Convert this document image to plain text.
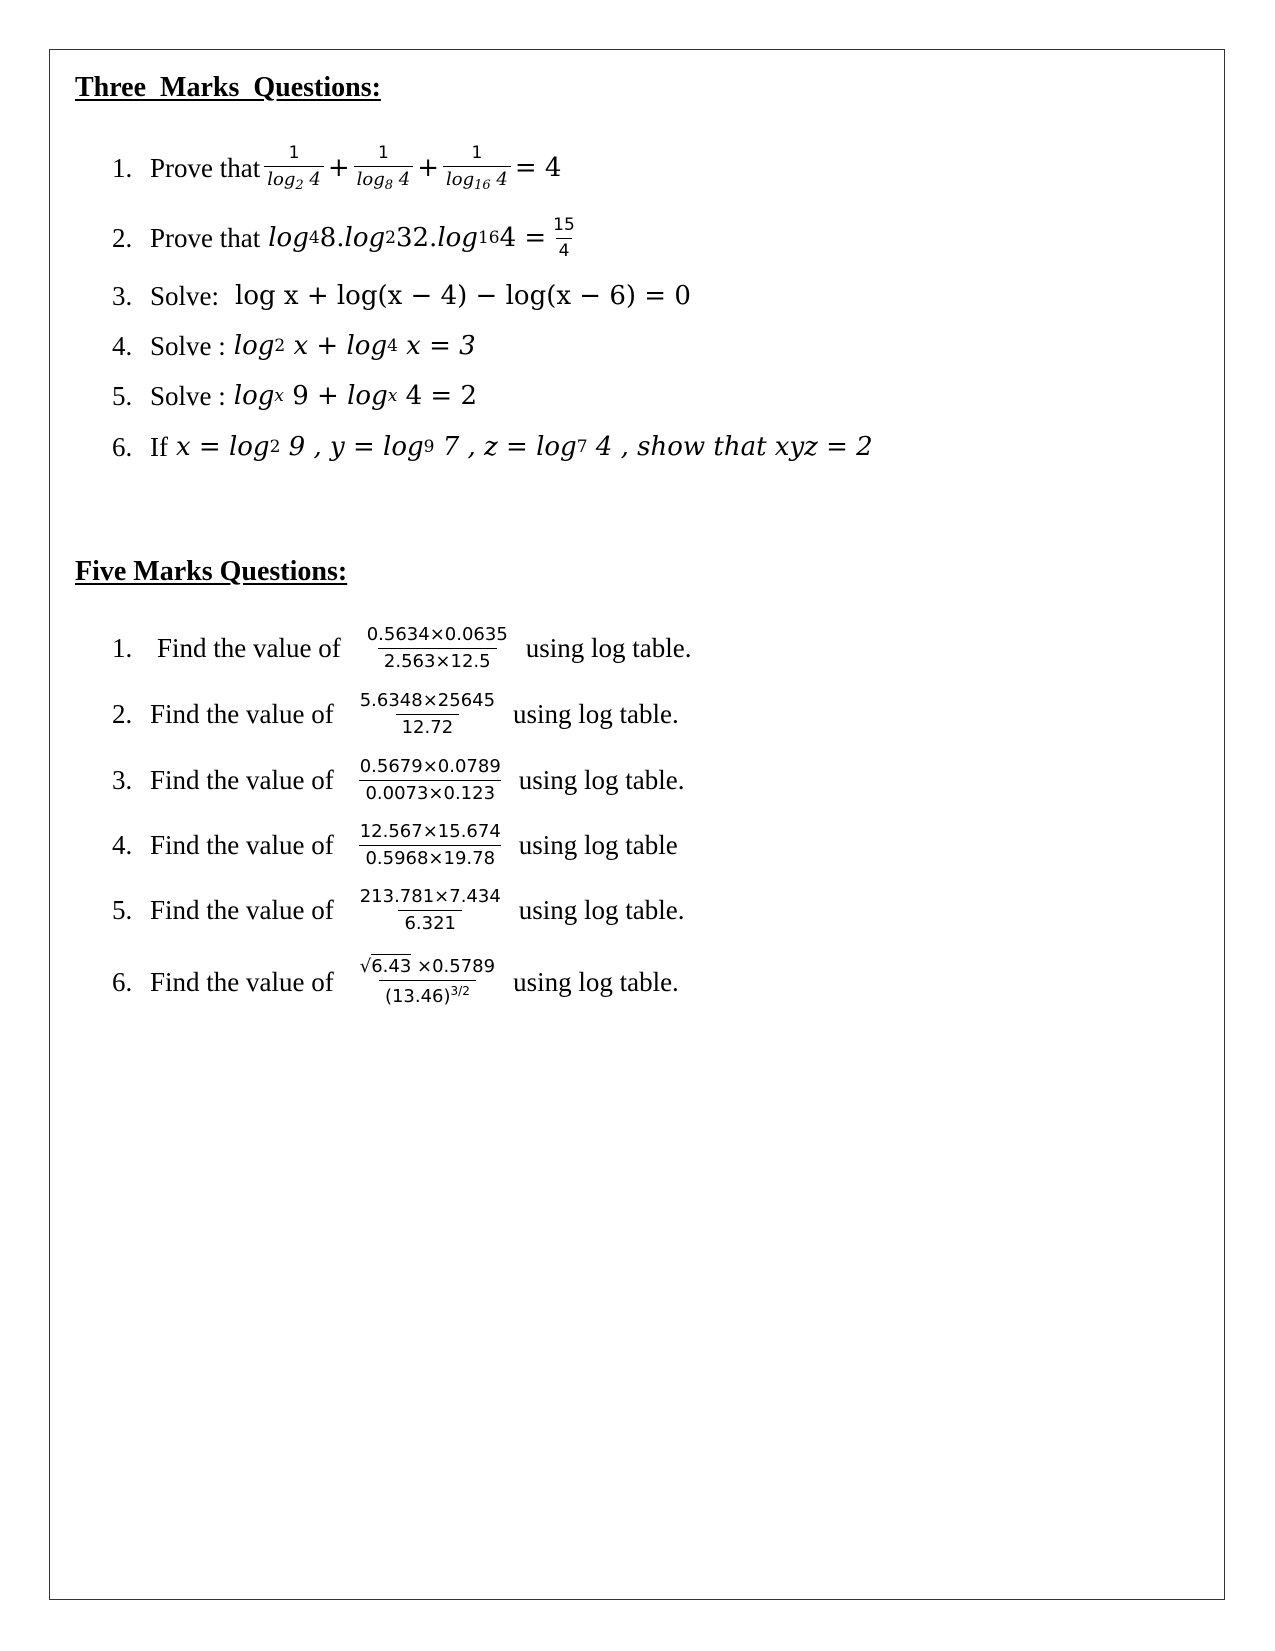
Three  Marks  Questions:
1. Prove that $\frac{1}{\log_2 4} + \frac{1}{\log_8 4} + \frac{1}{\log_{16} 4} = 4$
2. Prove that log 4 8. log 2 32. log 16 $4 = \frac{15}{4}$
3. Solve: log x + log(x − 4) − log(x − 6) = 0
4. Solve : log 2 x + log 4 x = 3
5. Solve : log x 9 + log x 4 = 2
6. If x = log 2 9 , y = log 9 7 , z = log 7 4 , show that xyz = 2
Five Marks Questions:
1. Find the value of $\frac{0.5634\times 0.0635}{2.563\times 12.5}$ using log table.
2. Find the value of $\frac{5.6348\times 25645}{12.72}$ using log table.
3. Find the value of $\frac{0.5679\times 0.0789}{0.0073\times 0.123}$ using log table.
4. Find the value of $\frac{12.567\times 15.674}{0.5968\times 19.78}$ using log table
5. Find the value of $\frac{213.781\times 7.434}{6.321}$ using log table.
6. Find the value of $\frac{√6.43 \times 0.5789}{(13.46)^{3/2}}$ using log table.
